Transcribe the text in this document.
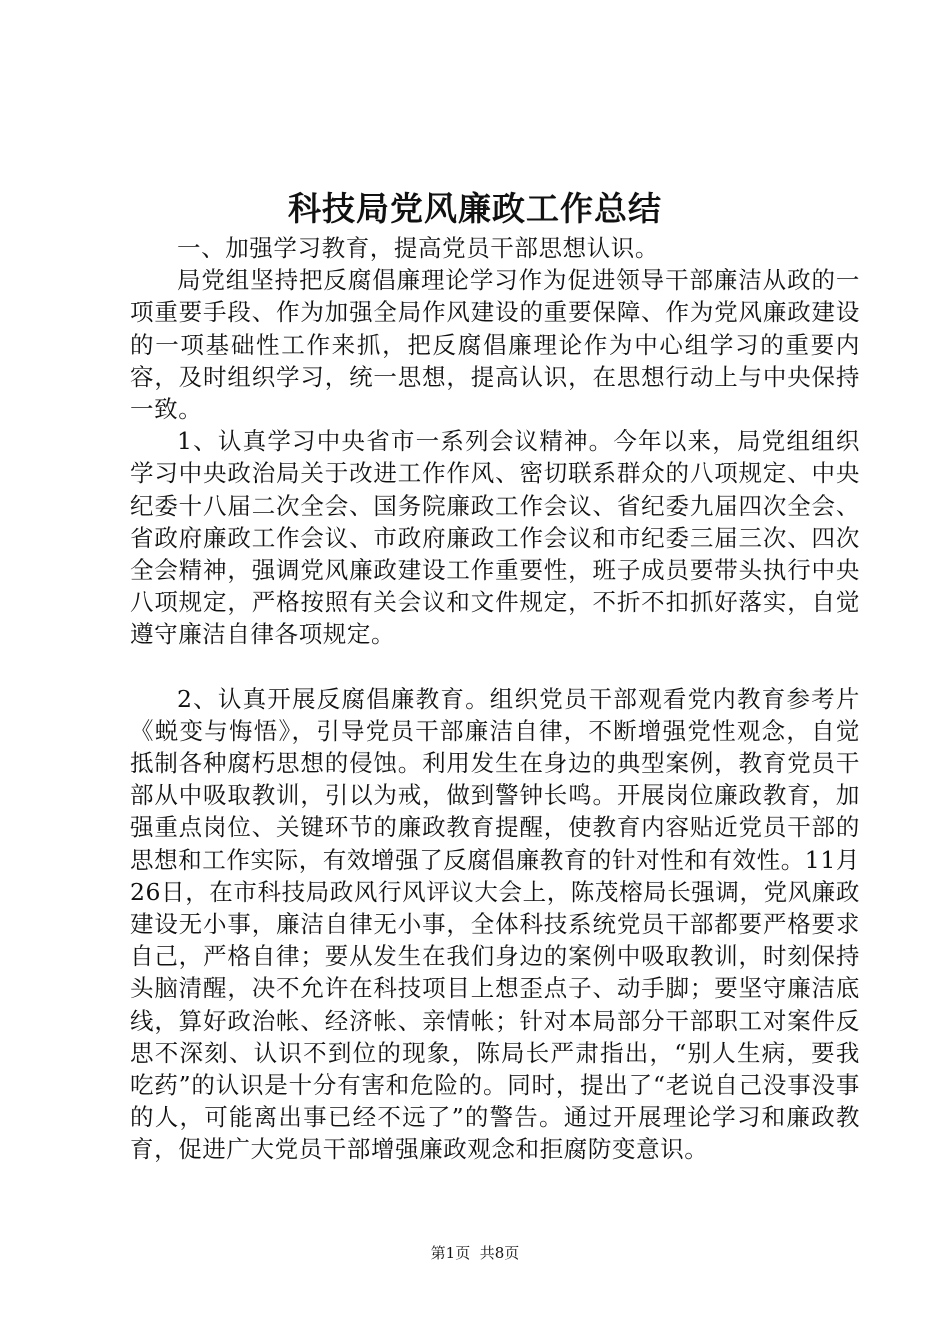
科技局党风廉政工作总结

一、加强学习教育，提高党员干部思想认识。

局党组坚持把反腐倡廉理论学习作为促进领导干部廉洁从政的一项重要手段、作为加强全局作风建设的重要保障、作为党风廉政建设的一项基础性工作来抓，把反腐倡廉理论作为中心组学习的重要内容，及时组织学习，统一思想，提高认识，在思想行动上与中央保持一致。

1、认真学习中央省市一系列会议精神。今年以来，局党组组织学习中央政治局关于改进工作作风、密切联系群众的八项规定、中央纪委十八届二次全会、国务院廉政工作会议、省纪委九届四次全会、省政府廉政工作会议、市政府廉政工作会议和市纪委三届三次、四次全会精神，强调党风廉政建设工作重要性，班子成员要带头执行中央八项规定，严格按照有关会议和文件规定，不折不扣抓好落实，自觉遵守廉洁自律各项规定。

2、认真开展反腐倡廉教育。组织党员干部观看党内教育参考片《蜕变与悔悟》，引导党员干部廉洁自律，不断增强党性观念，自觉抵制各种腐朽思想的侵蚀。利用发生在身边的典型案例，教育党员干部从中吸取教训，引以为戒，做到警钟长鸣。开展岗位廉政教育，加强重点岗位、关键环节的廉政教育提醒，使教育内容贴近党员干部的思想和工作实际，有效增强了反腐倡廉教育的针对性和有效性。11月26日，在市科技局政风行风评议大会上，陈茂榕局长强调，党风廉政建设无小事，廉洁自律无小事，全体科技系统党员干部都要严格要求自己，严格自律；要从发生在我们身边的案例中吸取教训，时刻保持头脑清醒，决不允许在科技项目上想歪点子、动手脚；要坚守廉洁底线，算好政治帐、经济帐、亲情帐；针对本局部分干部职工对案件反思不深刻、认识不到位的现象，陈局长严肃指出，“别人生病，要我吃药”的认识是十分有害和危险的。同时，提出了“老说自己没事没事的人，可能离出事已经不远了”的警告。通过开展理论学习和廉政教育，促进广大党员干部增强廉政观念和拒腐防变意识。

第1页 共8页
